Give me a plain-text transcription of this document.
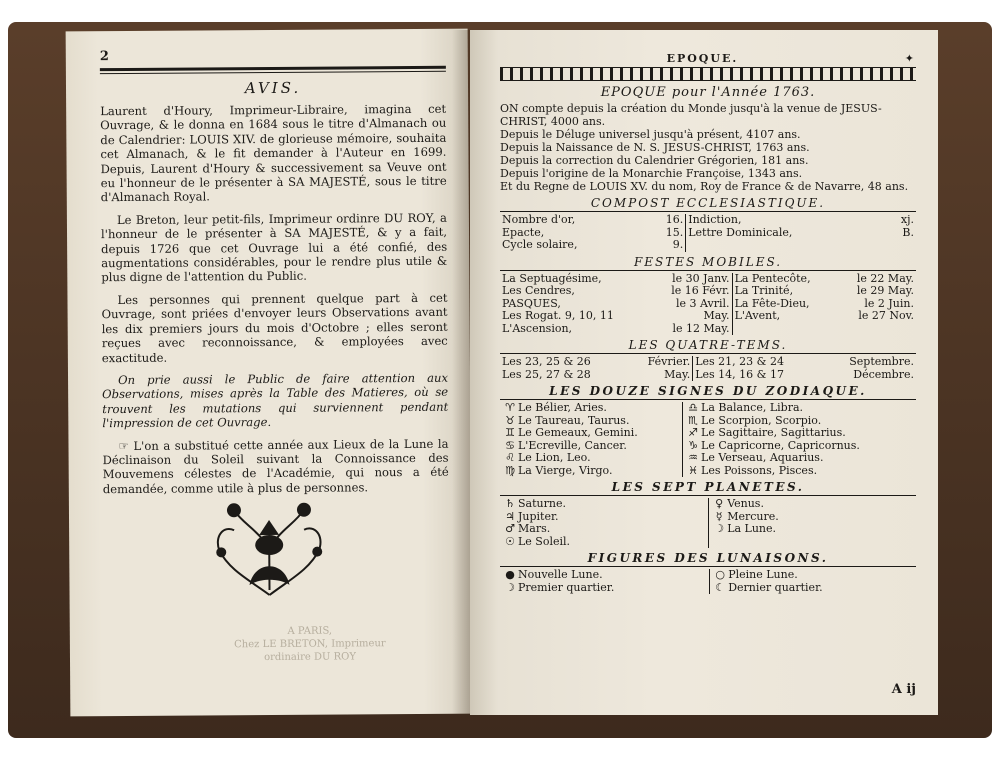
2
AVIS.

Laurent d'Houry, Imprimeur-Libraire, imagina cet Ouvrage, & le donna en 1684 sous le titre d'Almanach ou de Calendrier: LOUIS XIV. de glorieuse mémoire, souhaita cet Almanach, & le fit demander à l'Auteur en 1699. Depuis, Laurent d'Houry & successivement sa Veuve ont eu l'honneur de le présenter à SA MAJESTÉ, sous le titre d'Almanach Royal.

Le Breton, leur petit-fils, Imprimeur ordinre DU ROY, a l'honneur de le présenter à SA MAJESTÉ, & y a fait, depuis 1726 que cet Ouvrage lui a été confié, des augmentations considérables, pour le rendre plus utile & plus digne de l'attention du Public.

Les personnes qui prennent quelque part à cet Ouvrage, sont priées d'envoyer leurs Observations avant les dix premiers jours du mois d'Octobre ; elles seront reçues avec reconnoissance, & employées avec exactitude.

On prie aussi le Public de faire attention aux Observations, mises après la Table des Matieres, où se trouvent les mutations qui surviennent pendant l'impression de cet Ouvrage.

☞ L'on a substitué cette année aux Lieux de la Lune la Déclinaison du Soleil suivant la Connoissance des Mouvemens célestes de l'Académie, qui nous a été demandée, comme utile à plus de personnes.

A PARIS,
Chez LE BRETON, Imprimeur ordinaire DU ROY
EPOQUE.	✦
EPOQUE pour l'Année 1763.

ON compte depuis la création du Monde jusqu'à la venue de JESUS-CHRIST, 4000 ans.

Depuis le Déluge universel jusqu'à présent, 4107 ans.

Depuis la Naissance de N. S. JESUS-CHRIST, 1763 ans.

Depuis la correction du Calendrier Grégorien, 181 ans.

Depuis l'origine de la Monarchie Françoise, 1343 ans.

Et du Regne de LOUIS XV. du nom, Roy de France & de Navarre, 48 ans.

COMPOST ECCLESIASTIQUE.
Nombre d'or,	16.	Indiction,	xj.
Epacte,	15.	Lettre Dominicale,	B.
Cycle solaire,	9.		
FESTES MOBILES.
La Septuagésime,	le 30 Janv.	La Pentecôte,	le 22 May.
Les Cendres,	le 16 Févr.	La Trinité,	le 29 May.
PASQUES,	le 3 Avril.	La Fête-Dieu,	le 2 Juin.
Les Rogat. 9, 10, 11	May.	L'Avent,	le 27 Nov.
L'Ascension,	le 12 May.		
LES QUATRE-TEMS.
Les 23, 25 & 26	Février.	Les 21, 23 & 24	Septembre.
Les 25, 27 & 28	May.	Les 14, 16 & 17	Décembre.
LES DOUZE SIGNES DU ZODIAQUE.
♈ Le Bélier, Aries.	♎ La Balance, Libra.
♉ Le Taureau, Taurus.	♏ Le Scorpion, Scorpio.
♊ Le Gemeaux, Gemini.	♐ Le Sagittaire, Sagittarius.
♋ L'Ecreville, Cancer.	♑ Le Capricorne, Capricornus.
♌ Le Lion, Leo.	♒ Le Verseau, Aquarius.
♍ La Vierge, Virgo.	♓ Les Poissons, Pisces.
LES SEPT PLANETES.
♄ Saturne.	♀ Venus.
♃ Jupiter.	☿ Mercure.
♂ Mars.	☽ La Lune.
☉ Le Soleil.	
FIGURES DES LUNAISONS.
● Nouvelle Lune.	○ Pleine Lune.
☽ Premier quartier.	☾ Dernier quartier.
A ij
